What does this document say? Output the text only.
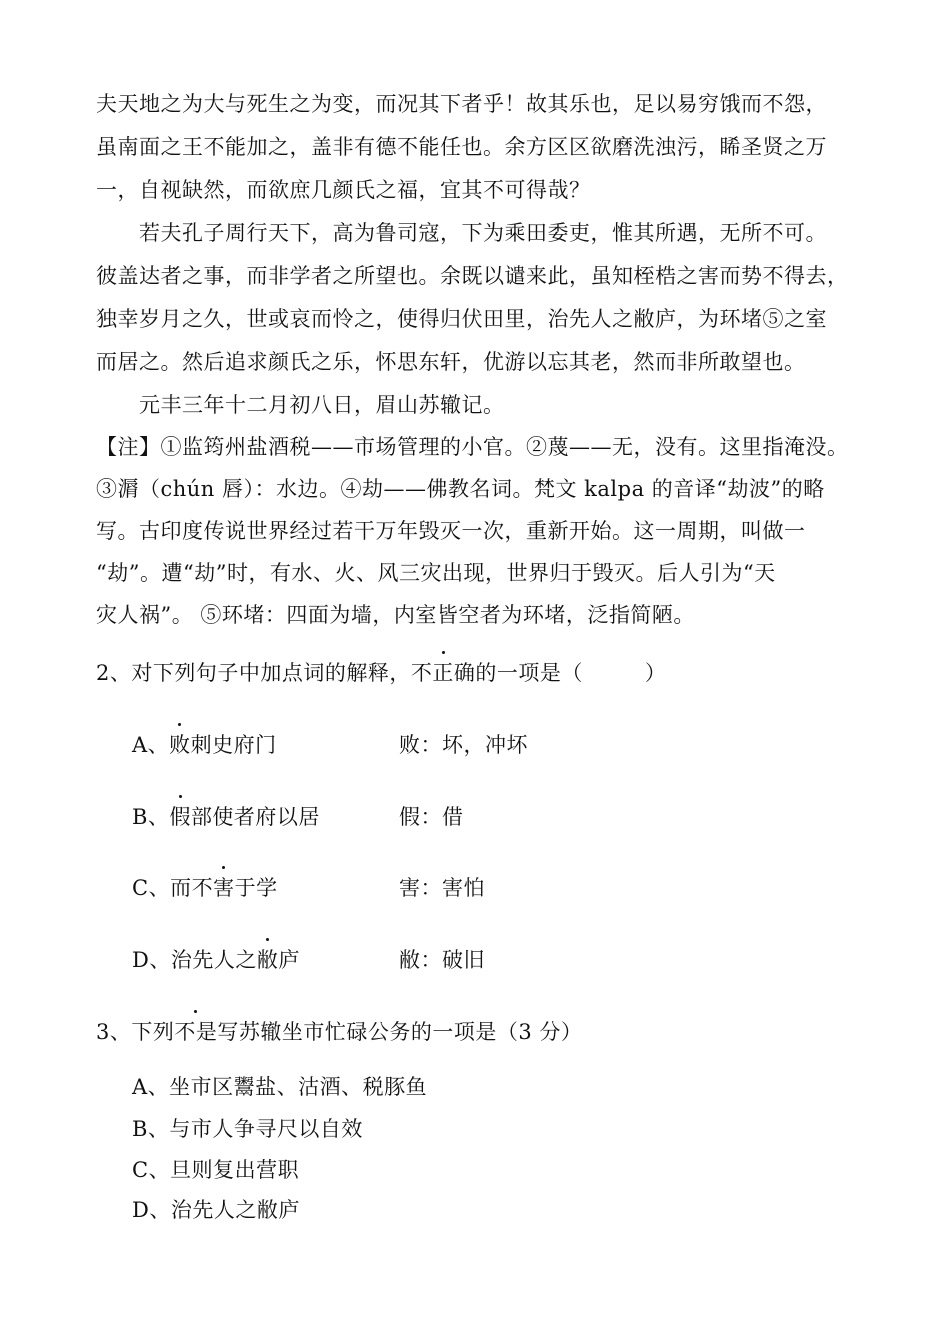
夫天地之为大与死生之为变，而况其下者乎！故其乐也，足以易穷饿而不怨，
虽南面之王不能加之，盖非有德不能任也。余方区区欲磨洗浊污，睎圣贤之万
一，自视缺然，而欲庶几颜氏之福，宜其不可得哉？
若夫孔子周行天下，高为鲁司寇，下为乘田委吏，惟其所遇，无所不可。
彼盖达者之事，而非学者之所望也。余既以谴来此，虽知桎梏之害而势不得去，
独幸岁月之久，世或哀而怜之，使得归伏田里，治先人之敝庐，为环堵⑤之室
而居之。然后追求颜氏之乐，怀思东轩，优游以忘其老，然而非所敢望也。
元丰三年十二月初八日，眉山苏辙记。
【注】①监筠州盐酒税——市场管理的小官。②蔑——无，没有。这里指淹没。
③漘（chún 唇）：水边。④劫——佛教名词。梵文 kalpa 的音译“劫波”的略
写。古印度传说世界经过若干万年毁灭一次，重新开始。这一周期，叫做一
“劫”。遭“劫”时，有水、火、风三灾出现，世界归于毁灭。后人引为“天
灾人祸”。 ⑤环堵：四面为墙，内室皆空者为环堵，泛指简陋。
2、对下列句子中加点词的解释，不正确的一项是（	）
A、败刺史府门	败：坏，冲坏
B、假部使者府以居	假：借
C、而不害于学	害：害怕
D、治先人之敝庐	敝：破旧
3、下列不是写苏辙坐市忙碌公务的一项是（3 分）
A、坐市区鬻盐、沽酒、税豚鱼
B、与市人争寻尺以自效
C、旦则复出营职
D、治先人之敝庐
